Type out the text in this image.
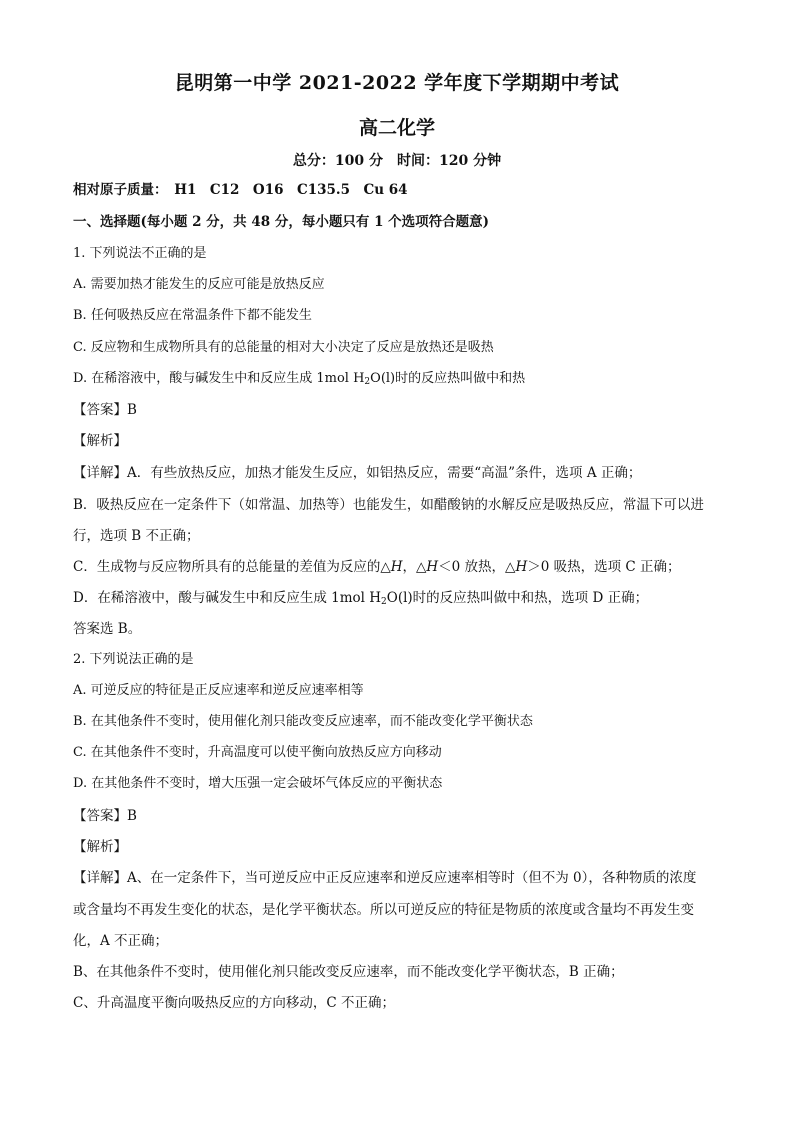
昆明第一中学 2021-2022 学年度下学期期中考试
高二化学
总分：100 分　时间：120 分钟
相对原子质量：　H1　C12　O16　C135.5　Cu 64
一、选择题(每小题 2 分，共 48 分，每小题只有 1 个选项符合题意)
1. 下列说法不正确的是
A. 需要加热才能发生的反应可能是放热反应
B. 任何吸热反应在常温条件下都不能发生
C. 反应物和生成物所具有的总能量的相对大小决定了反应是放热还是吸热
D. 在稀溶液中，酸与碱发生中和反应生成 1mol $H_2O(l)$时的反应热叫做中和热
【答案】B
【解析】
【详解】A．有些放热反应，加热才能发生反应，如铝热反应，需要“高温”条件，选项 A 正确；
B．吸热反应在一定条件下（如常温、加热等）也能发生，如醋酸钠的水解反应是吸热反应，常温下可以进
行，选项 B 不正确；
C．生成物与反应物所具有的总能量的差值为反应的△H，△H＜0 放热，△H＞0 吸热，选项 C 正确；
D．在稀溶液中，酸与碱发生中和反应生成 1mol $H_2O(l)$时的反应热叫做中和热，选项 D 正确；
答案选 B。
2. 下列说法正确的是
A. 可逆反应的特征是正反应速率和逆反应速率相等
B. 在其他条件不变时，使用催化剂只能改变反应速率，而不能改变化学平衡状态
C. 在其他条件不变时，升高温度可以使平衡向放热反应方向移动
D. 在其他条件不变时，增大压强一定会破坏气体反应的平衡状态
【答案】B
【解析】
【详解】A、在一定条件下，当可逆反应中正反应速率和逆反应速率相等时（但不为 0），各种物质的浓度
或含量均不再发生变化的状态，是化学平衡状态。所以可逆反应的特征是物质的浓度或含量均不再发生变
化，A 不正确；
B、在其他条件不变时，使用催化剂只能改变反应速率，而不能改变化学平衡状态，B 正确；
C、升高温度平衡向吸热反应的方向移动，C 不正确；
